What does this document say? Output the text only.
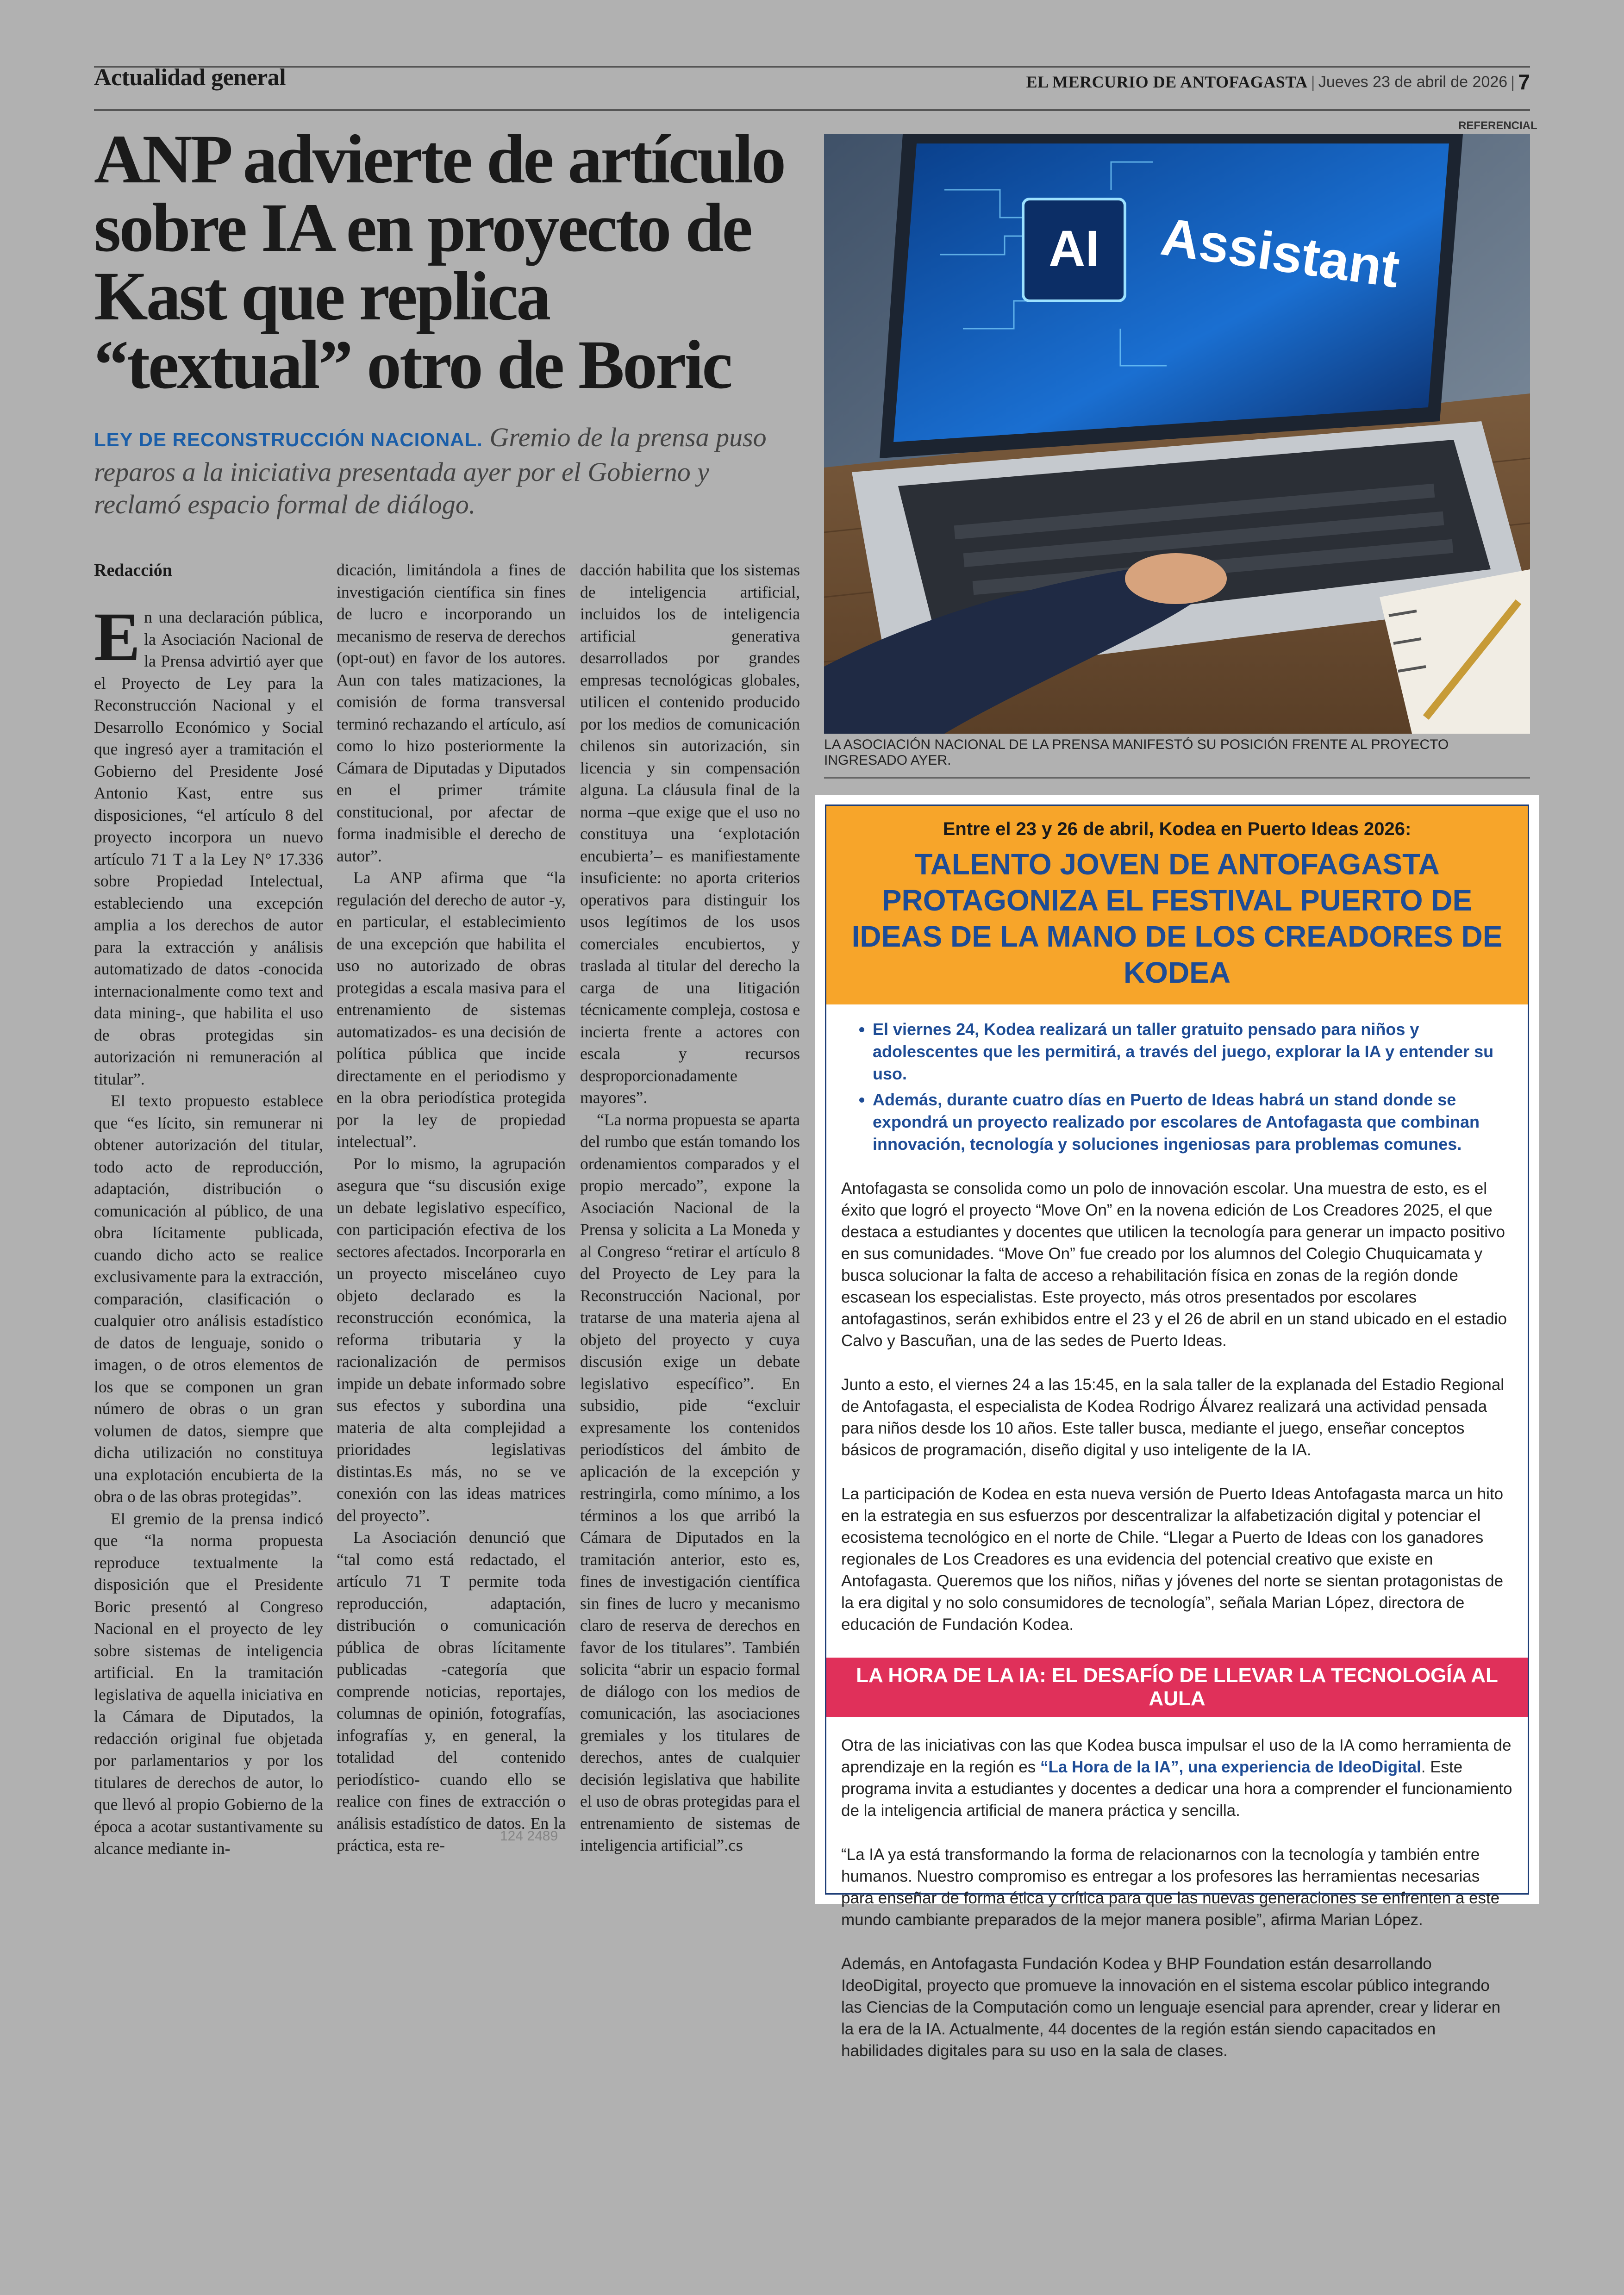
Actualidad general	EL MERCURIO DE ANTOFAGASTA | Jueves 23 de abril de 2026 | 7
ANP advierte de artículo sobre IA en proyecto de Kast que replica “textual” otro de Boric
LEY DE RECONSTRUCCIÓN NACIONAL. Gremio de la prensa puso reparos a la iniciativa presentada ayer por el Gobierno y reclamó espacio formal de diálogo.
Redacción

En una declaración pública, la Asociación Nacional de la Prensa advirtió ayer que el Proyecto de Ley para la Reconstrucción Nacional y el Desarrollo Económico y Social que ingresó ayer a tramitación el Gobierno del Presidente José Antonio Kast, entre sus disposiciones, “el artículo 8 del proyecto incorpora un nuevo artículo 71 T a la Ley N° 17.336 sobre Propiedad Intelectual, estableciendo una excepción amplia a los derechos de autor para la extracción y análisis automatizado de datos -conocida internacionalmente como text and data mining-, que habilita el uso de obras protegidas sin autorización ni remuneración al titular”.

El texto propuesto establece que “es lícito, sin remunerar ni obtener autorización del titular, todo acto de reproducción, adaptación, distribución o comunicación al público, de una obra lícitamente publicada, cuando dicho acto se realice exclusivamente para la extracción, comparación, clasificación o cualquier otro análisis estadístico de datos de lenguaje, sonido o imagen, o de otros elementos de los que se componen un gran número de obras o un gran volumen de datos, siempre que dicha utilización no constituya una explotación encubierta de la obra o de las obras protegidas”.

El gremio de la prensa indicó que “la norma propuesta reproduce textualmente la disposición que el Presidente Boric presentó al Congreso Nacional en el proyecto de ley sobre sistemas de inteligencia artificial. En la tramitación legislativa de aquella iniciativa en la Cámara de Diputados, la redacción original fue objetada por parlamentarios y por los titulares de derechos de autor, lo que llevó al propio Gobierno de la época a acotar sustantivamente su alcance mediante in-

dicación, limitándola a fines de investigación científica sin fines de lucro e incorporando un mecanismo de reserva de derechos (opt-out) en favor de los autores. Aun con tales matizaciones, la comisión de forma transversal terminó rechazando el artículo, así como lo hizo posteriormente la Cámara de Diputadas y Diputados en el primer trámite constitucional, por afectar de forma inadmisible el derecho de autor”.

La ANP afirma que “la regulación del derecho de autor -y, en particular, el establecimiento de una excepción que habilita el uso no autorizado de obras protegidas a escala masiva para el entrenamiento de sistemas automatizados- es una decisión de política pública que incide directamente en el periodismo y en la obra periodística protegida por la ley de propiedad intelectual”.

Por lo mismo, la agrupación asegura que “su discusión exige un debate legislativo específico, con participación efectiva de los sectores afectados. Incorporarla en un proyecto misceláneo cuyo objeto declarado es la reconstrucción económica, la reforma tributaria y la racionalización de permisos impide un debate informado sobre sus efectos y subordina una materia de alta complejidad a prioridades legislativas distintas.Es más, no se ve conexión con las ideas matrices del proyecto”.

La Asociación denunció que “tal como está redactado, el artículo 71 T permite toda reproducción, adaptación, distribución o comunicación pública de obras lícitamente publicadas -categoría que comprende noticias, reportajes, columnas de opinión, fotografías, infografías y, en general, la totalidad del contenido periodístico- cuando ello se realice con fines de extracción o análisis estadístico de datos. En la práctica, esta re-

dacción habilita que los sistemas de inteligencia artificial, incluidos los de inteligencia artificial generativa desarrollados por grandes empresas tecnológicas globales, utilicen el contenido producido por los medios de comunicación chilenos sin autorización, sin licencia y sin compensación alguna. La cláusula final de la norma –que exige que el uso no constituya una ‘explotación encubierta’– es manifiestamente insuficiente: no aporta criterios operativos para distinguir los usos legítimos de los usos comerciales encubiertos, y traslada al titular del derecho la carga de una litigación técnicamente compleja, costosa e incierta frente a actores con escala y recursos desproporcionadamente mayores”.

“La norma propuesta se aparta del rumbo que están tomando los ordenamientos comparados y el propio mercado”, expone la Asociación Nacional de la Prensa y solicita a La Moneda y al Congreso “retirar el artículo 8 del Proyecto de Ley para la Reconstrucción Nacional, por tratarse de una materia ajena al objeto del proyecto y cuya discusión exige un debate legislativo específico”. En subsidio, pide “excluir expresamente los contenidos periodísticos del ámbito de aplicación de la excepción y restringirla, como mínimo, a los términos a los que arribó la Cámara de Diputados en la tramitación anterior, esto es, fines de investigación científica sin fines de lucro y mecanismo claro de reserva de derechos en favor de los titulares”. También solicita “abrir un espacio formal de diálogo con los medios de comunicación, las asociaciones gremiales y los titulares de derechos, antes de cualquier decisión legislativa que habilite el uso de obras protegidas para el entrenamiento de sistemas de inteligencia artificial”.cs

REFERENCIAL
AI Assistant
LA ASOCIACIÓN NACIONAL DE LA PRENSA MANIFESTÓ SU POSICIÓN FRENTE AL PROYECTO INGRESADO AYER.
Entre el 23 y 26 de abril, Kodea en Puerto Ideas 2026:
TALENTO JOVEN DE ANTOFAGASTA PROTAGONIZA EL FESTIVAL PUERTO DE IDEAS DE LA MANO DE LOS CREADORES DE KODEA
• El viernes 24, Kodea realizará un taller gratuito pensado para niños y adolescentes que les permitirá, a través del juego, explorar la IA y entender su uso.
• Además, durante cuatro días en Puerto de Ideas habrá un stand donde se expondrá un proyecto realizado por escolares de Antofagasta que combinan innovación, tecnología y soluciones ingeniosas para problemas comunes.

Antofagasta se consolida como un polo de innovación escolar. Una muestra de esto, es el éxito que logró el proyecto “Move On” en la novena edición de Los Creadores 2025, el que destaca a estudiantes y docentes que utilicen la tecnología para generar un impacto positivo en sus comunidades. “Move On” fue creado por los alumnos del Colegio Chuquicamata y busca solucionar la falta de acceso a rehabilitación física en zonas de la región donde escasean los especialistas. Este proyecto, más otros presentados por escolares antofagastinos, serán exhibidos entre el 23 y el 26 de abril en un stand ubicado en el estadio Calvo y Bascuñan, una de las sedes de Puerto Ideas.

Junto a esto, el viernes 24 a las 15:45, en la sala taller de la explanada del Estadio Regional de Antofagasta, el especialista de Kodea Rodrigo Álvarez realizará una actividad pensada para niños desde los 10 años. Este taller busca, mediante el juego, enseñar conceptos básicos de programación, diseño digital y uso inteligente de la IA.

La participación de Kodea en esta nueva versión de Puerto Ideas Antofagasta marca un hito en la estrategia en sus esfuerzos por descentralizar la alfabetización digital y potenciar el ecosistema tecnológico en el norte de Chile. “Llegar a Puerto de Ideas con los ganadores regionales de Los Creadores es una evidencia del potencial creativo que existe en Antofagasta. Queremos que los niños, niñas y jóvenes del norte se sientan protagonistas de la era digital y no solo consumidores de tecnología”, señala Marian López, directora de educación de Fundación Kodea.

LA HORA DE LA IA: EL DESAFÍO DE LLEVAR LA TECNOLOGÍA AL AULA

Otra de las iniciativas con las que Kodea busca impulsar el uso de la IA como herramienta de aprendizaje en la región es “La Hora de la IA”, una experiencia de IdeoDigital. Este programa invita a estudiantes y docentes a dedicar una hora a comprender el funcionamiento de la inteligencia artificial de manera práctica y sencilla.

“La IA ya está transformando la forma de relacionarnos con la tecnología y también entre humanos. Nuestro compromiso es entregar a los profesores las herramientas necesarias para enseñar de forma ética y crítica para que las nuevas generaciones se enfrenten a este mundo cambiante preparados de la mejor manera posible”, afirma Marian López.

Además, en Antofagasta Fundación Kodea y BHP Foundation están desarrollando IdeoDigital, proyecto que promueve la innovación en el sistema escolar público integrando las Ciencias de la Computación como un lenguaje esencial para aprender, crear y liderar en la era de la IA. Actualmente, 44 docentes de la región están siendo capacitados en habilidades digitales para su uso en la sala de clases.

124 2489
